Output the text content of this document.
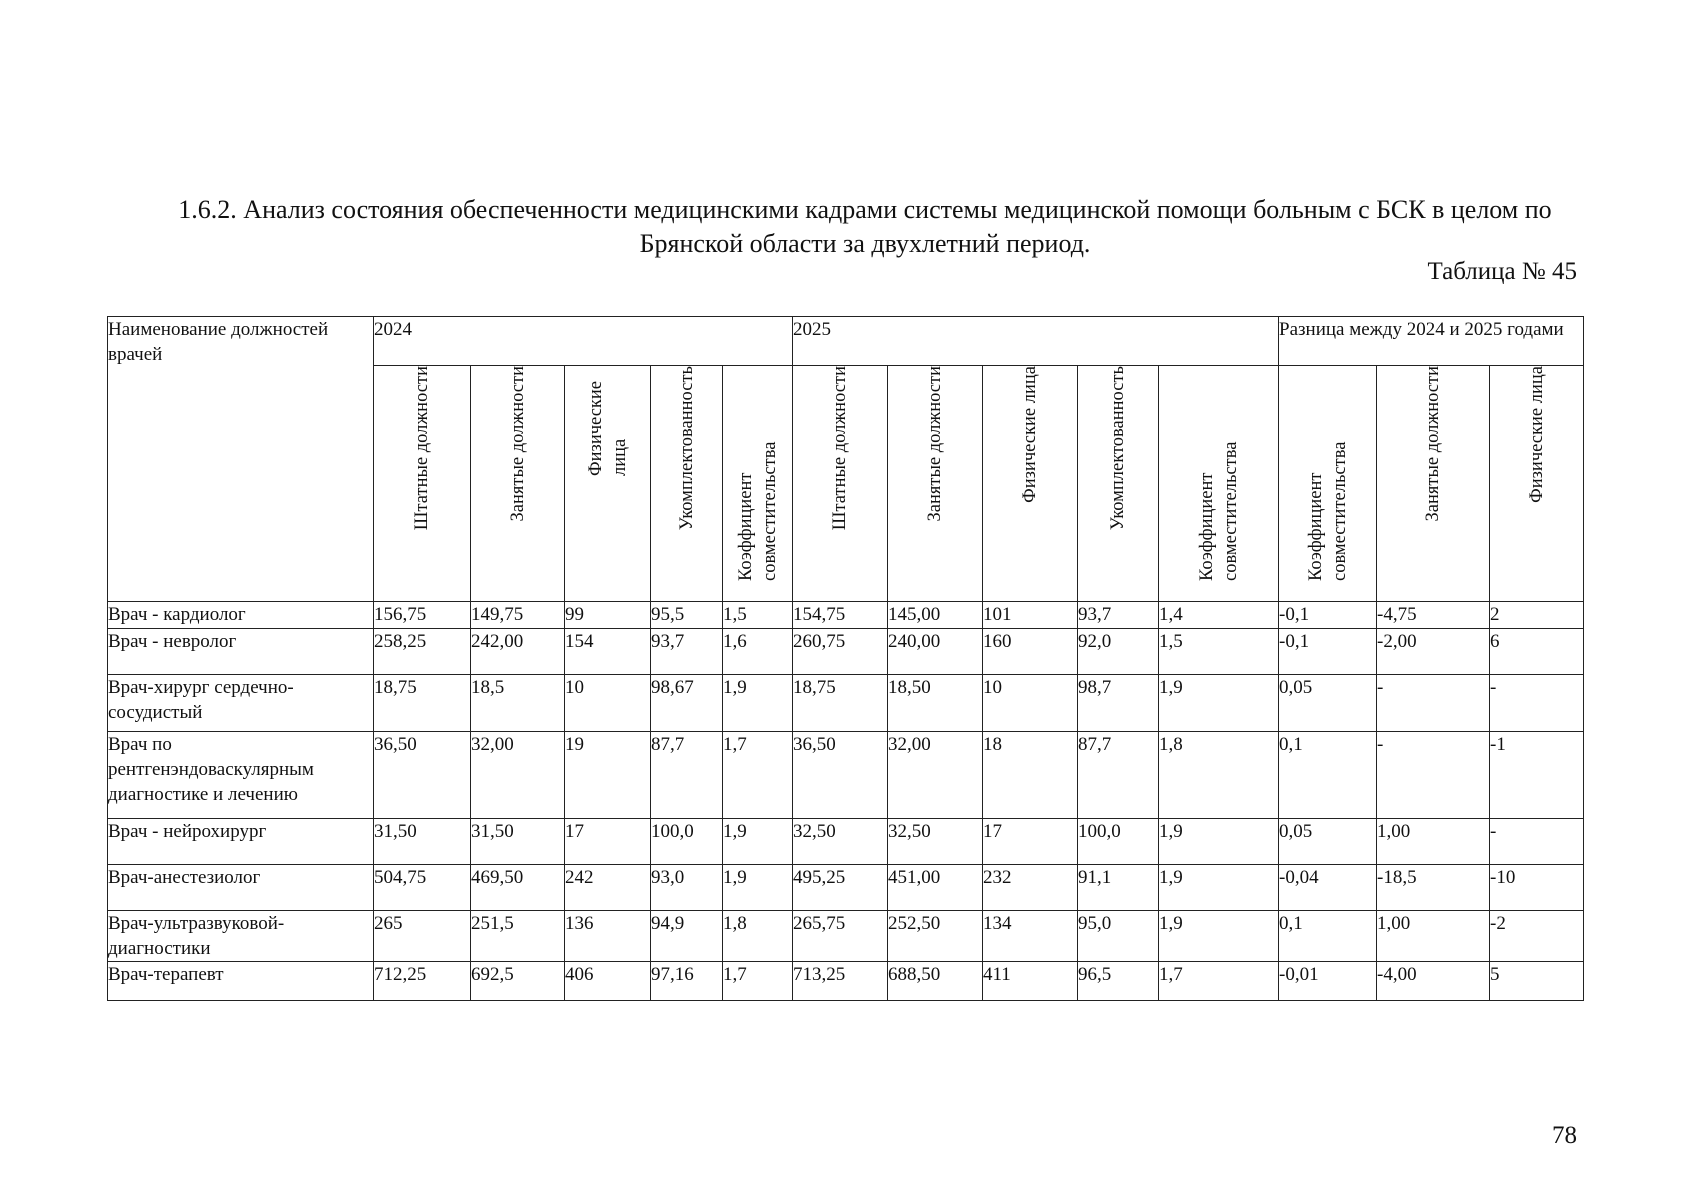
1.6.2. Анализ состояния обеспеченности медицинскими кадрами системы медицинской помощи больным с БСК в целом по Брянской области за двухлетний период.
Таблица № 45
Наименование должностей врачей	2024					2025					Разница между 2024 и 2025 годами		

	Штатные должности	Занятые должности	Физические лица	Укомплектованность	Коэффициент совместительства	Штатные должности	Занятые должности	Физические лица	Укомплектованность	Коэффициент совместительства	Коэффициент совместительства	Занятые должности	Физические лица

Врач - кардиолог	156,75	149,75	99	95,5	1,5	154,75	145,00	101	93,7	1,4	-0,1	-4,75	2
Врач - невролог	258,25	242,00	154	93,7	1,6	260,75	240,00	160	92,0	1,5	-0,1	-2,00	6
Врач-хирург сердечно-сосудистый	18,75	18,5	10	98,67	1,9	18,75	18,50	10	98,7	1,9	0,05	-	-
Врач по рентгенэндоваскулярным диагностике и лечению	36,50	32,00	19	87,7	1,7	36,50	32,00	18	87,7	1,8	0,1	-	-1
Врач - нейрохирург	31,50	31,50	17	100,0	1,9	32,50	32,50	17	100,0	1,9	0,05	1,00	-
Врач-анестезиолог	504,75	469,50	242	93,0	1,9	495,25	451,00	232	91,1	1,9	-0,04	-18,5	-10
Врач-ультразвуковой-диагностики	265	251,5	136	94,9	1,8	265,75	252,50	134	95,0	1,9	0,1	1,00	-2
Врач-терапевт	712,25	692,5	406	97,16	1,7	713,25	688,50	411	96,5	1,7	-0,01	-4,00	5
78
